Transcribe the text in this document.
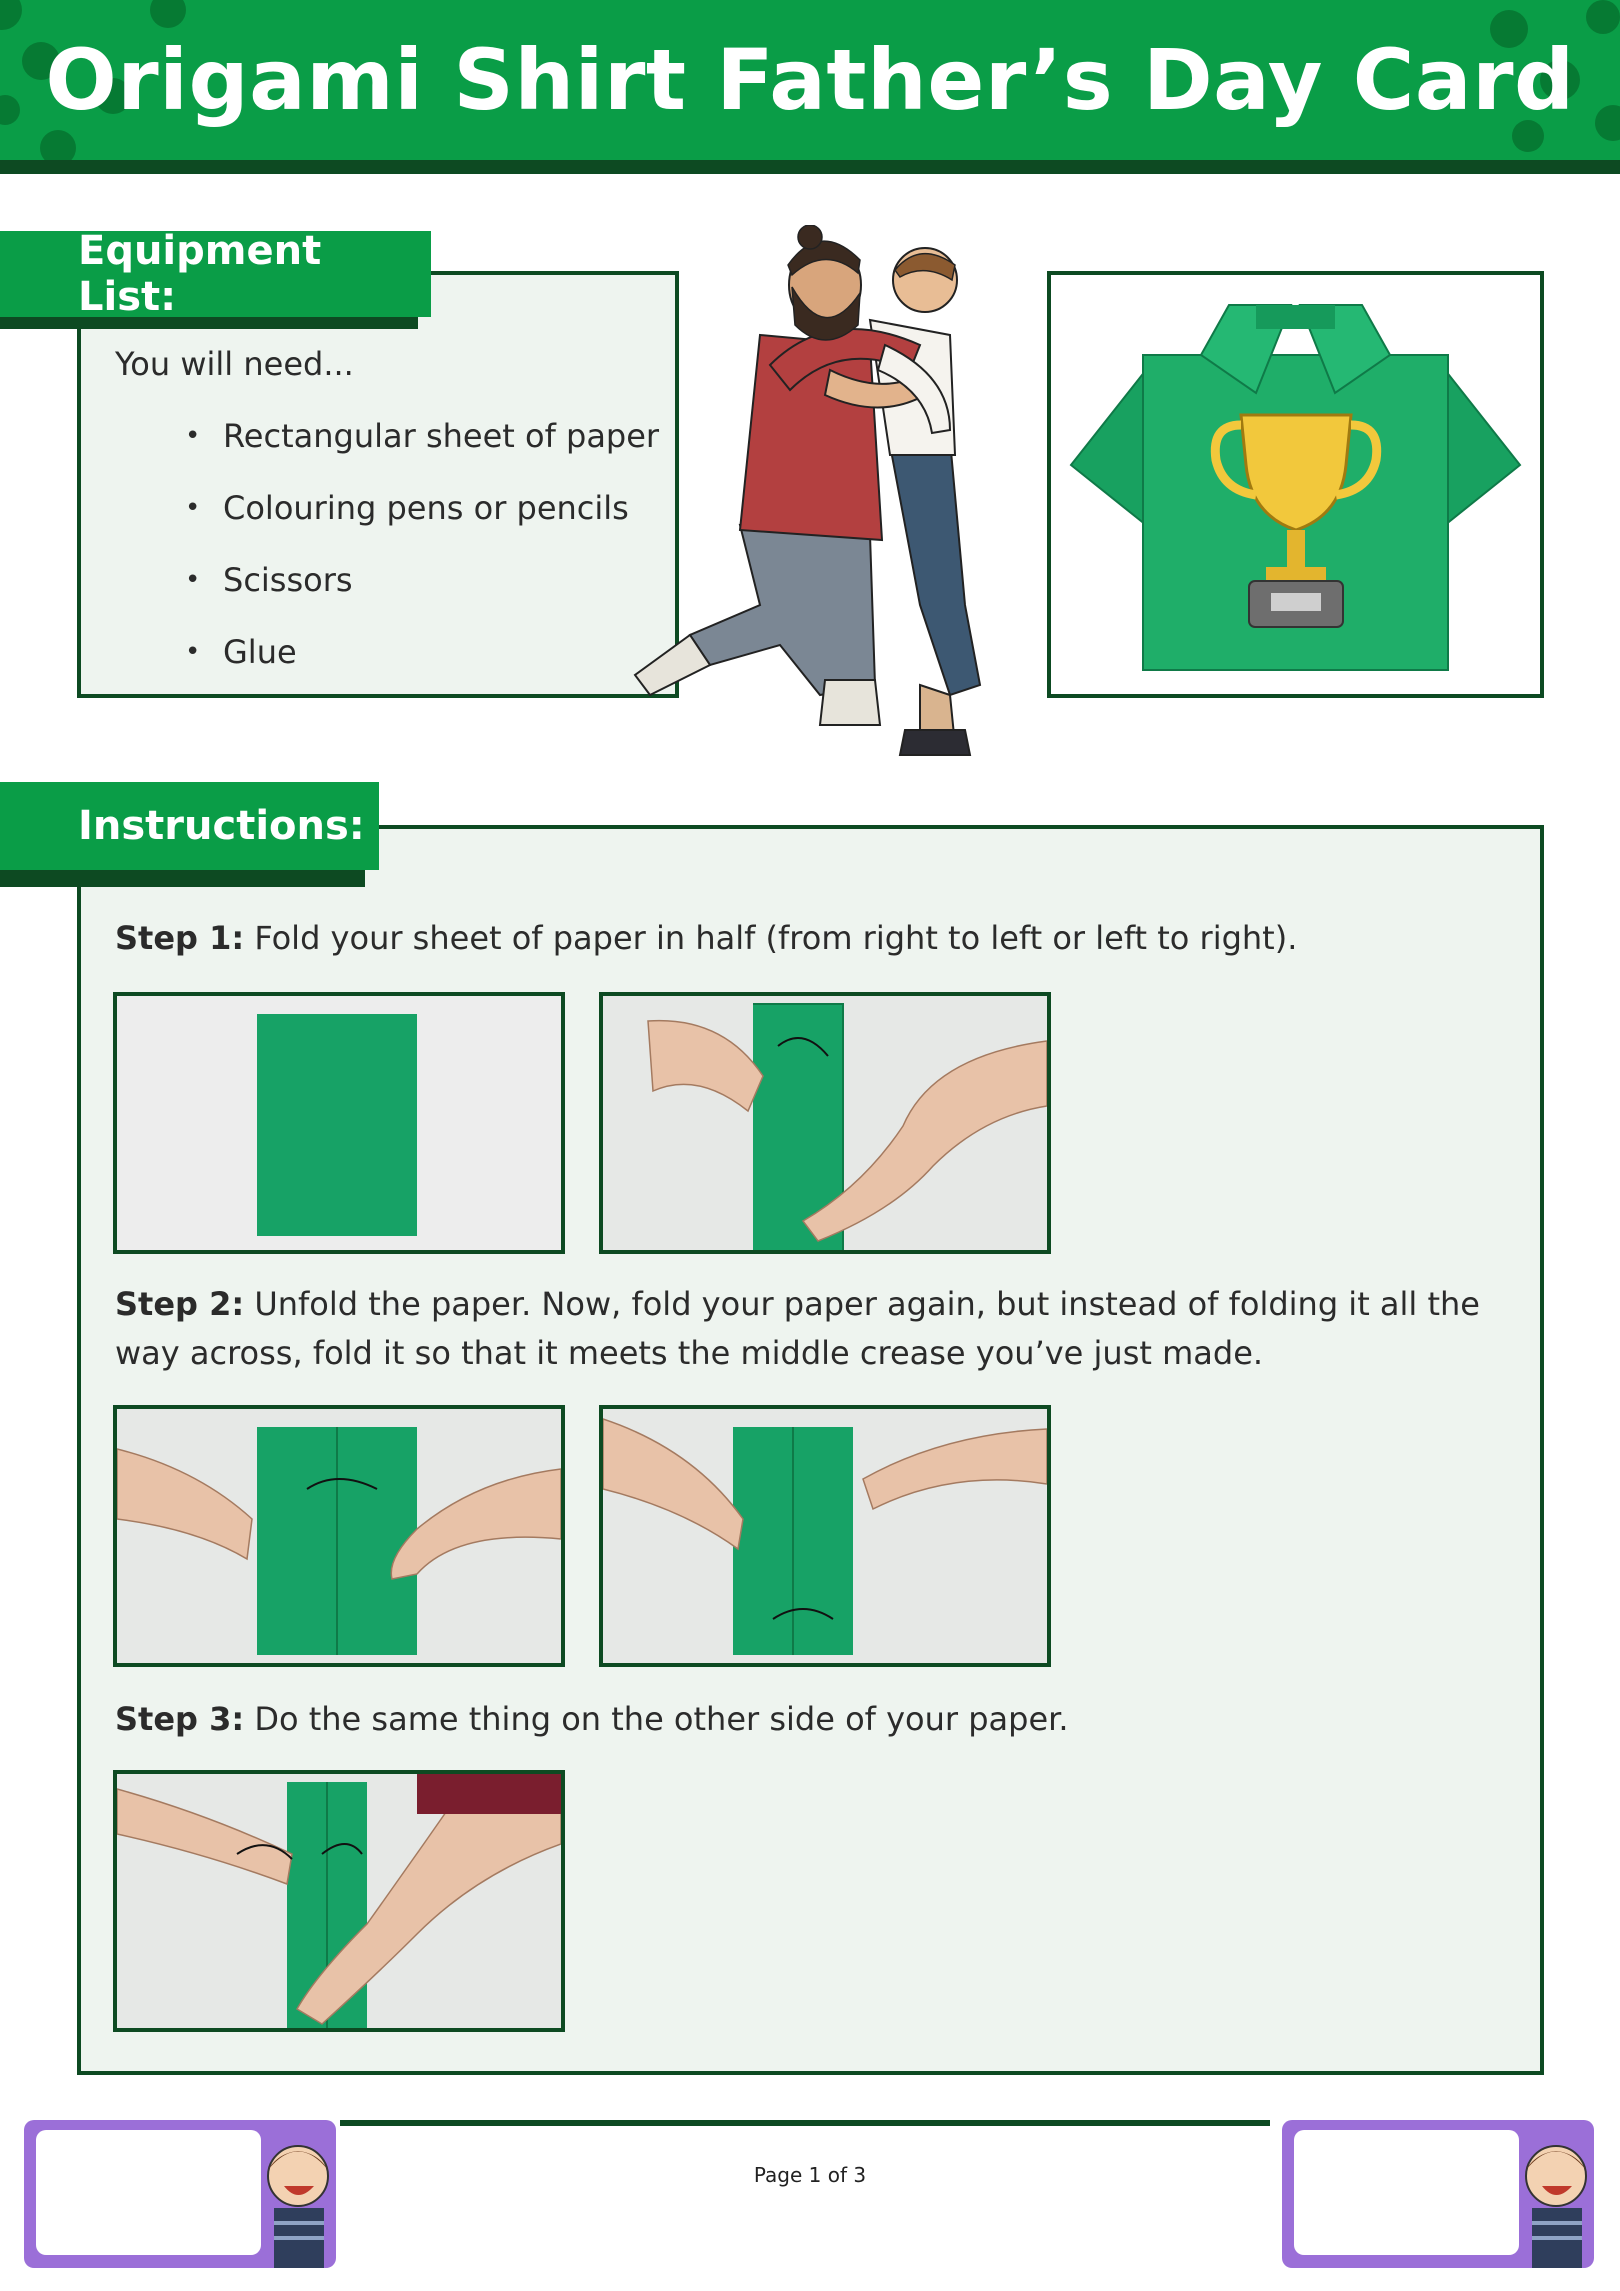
Origami Shirt Father’s Day Card
Equipment List:
You will need...
• Rectangular sheet of paper
• Colouring pens or pencils
• Scissors
• Glue
Instructions:
Step 1: Fold your sheet of paper in half (from right to left or left to right).
Step 2: Unfold the paper. Now, fold your paper again, but instead of folding it all the way across, fold it so that it meets the middle crease you’ve just made.
Step 3: Do the same thing on the other side of your paper.
Page 1 of 3
